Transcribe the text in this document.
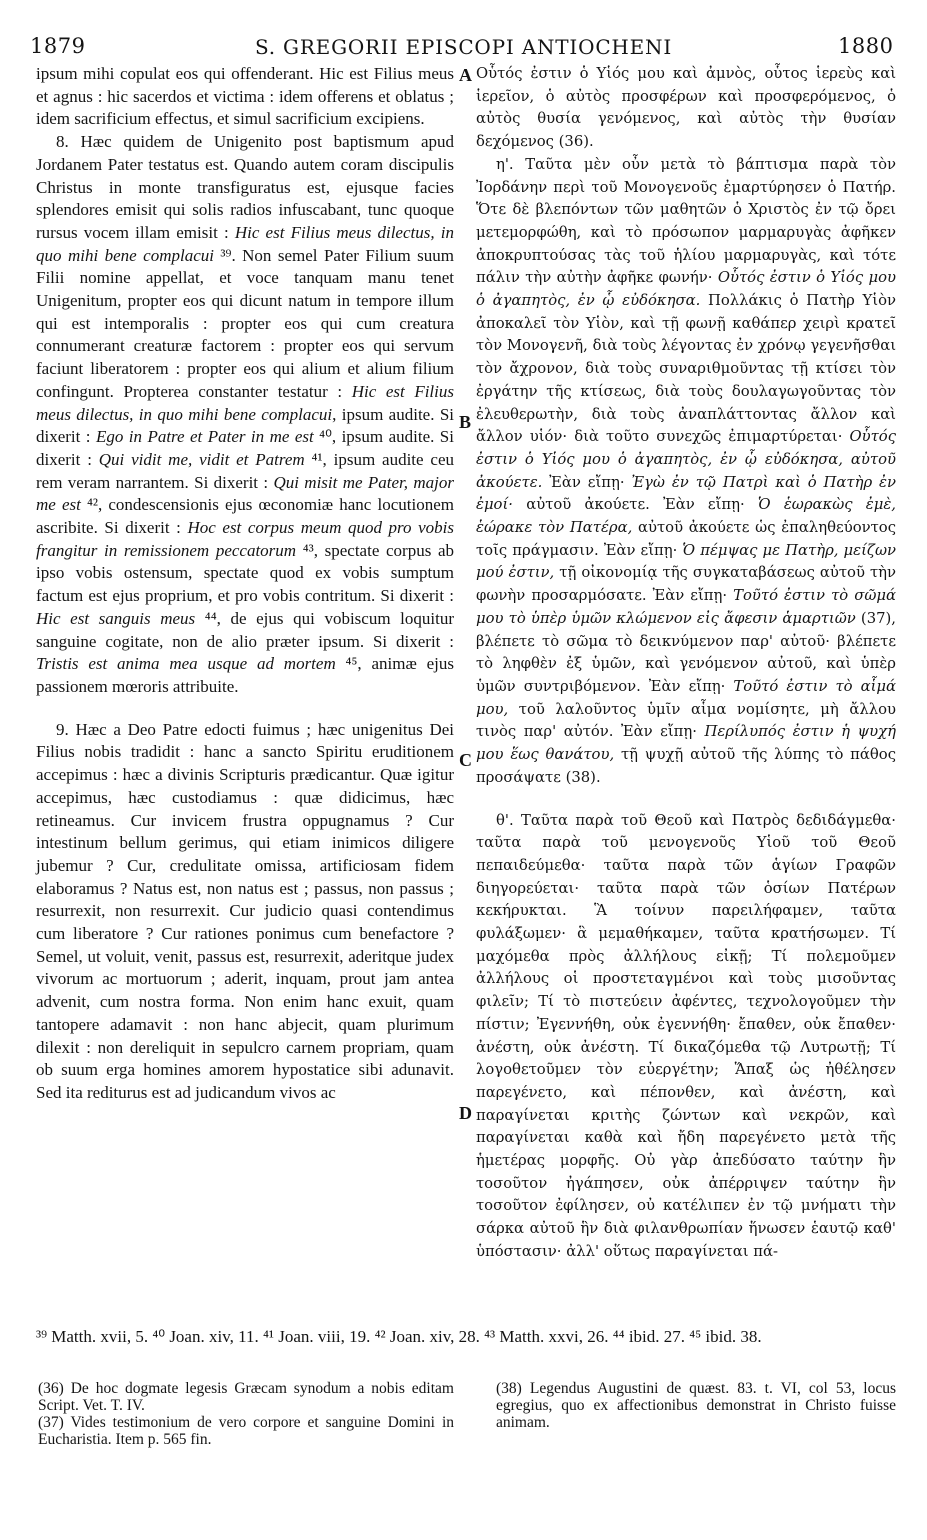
1879	S. GREGORII EPISCOPI ANTIOCHENI	1880
A
B
C
D

ipsum mihi copulat eos qui offenderant. Hic est Filius meus et agnus : hic sacerdos et victima : idem offerens et oblatus ; idem sacrificium effectus, et simul sacrificium excipiens.

8. Hæc quidem de Unigenito post baptismum apud Jordanem Pater testatus est. Quando autem coram discipulis Christus in monte transfiguratus est, ejusque facies splendores emisit qui solis radios infuscabant, tunc quoque rursus vocem illam emisit : Hic est Filius meus dilectus, in quo mihi bene complacui ³⁹. Non semel Pater Filium suum Filii nomine appellat, et voce tanquam manu tenet Unigenitum, propter eos qui dicunt natum in tempore illum qui est intemporalis : propter eos qui cum creatura connumerant creaturæ factorem : propter eos qui servum faciunt liberatorem : propter eos qui alium et alium filium confingunt. Propterea constanter testatur : Hic est Filius meus dilectus, in quo mihi bene complacui, ipsum audite. Si dixerit : Ego in Patre et Pater in me est ⁴⁰, ipsum audite. Si dixerit : Qui vidit me, vidit et Patrem ⁴¹, ipsum audite ceu rem veram narrantem. Si dixerit : Qui misit me Pater, major me est ⁴², condescensionis ejus œconomiæ hanc locutionem ascribite. Si dixerit : Hoc est corpus meum quod pro vobis frangitur in remissionem peccatorum ⁴³, spectate corpus ab ipso vobis ostensum, spectate quod ex vobis sumptum factum est ejus proprium, et pro vobis contritum. Si dixerit : Hic est sanguis meus ⁴⁴, de ejus qui vobiscum loquitur sanguine cogitate, non de alio præter ipsum. Si dixerit : Tristis est anima mea usque ad mortem ⁴⁵, animæ ejus passionem mœroris attribuite.

9. Hæc a Deo Patre edocti fuimus ; hæc unigenitus Dei Filius nobis tradidit : hanc a sancto Spiritu eruditionem accepimus : hæc a divinis Scripturis prædicantur. Quæ igitur accepimus, hæc custodiamus : quæ didicimus, hæc retineamus. Cur invicem frustra oppugnamus ? Cur intestinum bellum gerimus, qui etiam inimicos diligere jubemur ? Cur, credulitate omissa, artificiosam fidem elaboramus ? Natus est, non natus est ; passus, non passus ; resurrexit, non resurrexit. Cur judicio quasi contendimus cum liberatore ? Cur rationes ponimus cum benefactore ? Semel, ut voluit, venit, passus est, resurrexit, aderitque judex vivorum ac mortuorum ; aderit, inquam, prout jam antea advenit, cum nostra forma. Non enim hanc exuit, quam tantopere adamavit : non hanc abjecit, quam plurimum dilexit : non dereliquit in sepulcro carnem propriam, quam ob suum erga homines amorem hypostatice sibi adunavit. Sed ita rediturus est ad judicandum vivos ac

Οὗτός ἐστιν ὁ Υἱός μου καὶ ἀμνὸς, οὗτος ἱερεὺς καὶ ἱερεῖον, ὁ αὐτὸς προσφέρων καὶ προσφερόμενος, ὁ αὐτὸς θυσία γενόμενος, καὶ αὐτὸς τὴν θυσίαν δεχόμενος (36).

η'. Ταῦτα μὲν οὖν μετὰ τὸ βάπτισμα παρὰ τὸν Ἰορδάνην περὶ τοῦ Μονογενοῦς ἐμαρτύρησεν ὁ Πατήρ. Ὅτε δὲ βλεπόντων τῶν μαθητῶν ὁ Χριστὸς ἐν τῷ ὄρει μετεμορφώθη, καὶ τὸ πρόσωπον μαρμαρυγὰς ἀφῆκεν ἀποκρυπτούσας τὰς τοῦ ἡλίου μαρμαρυγὰς, καὶ τότε πάλιν τὴν αὐτὴν ἀφῆκε φωνήν· Οὗτός ἐστιν ὁ Υἱός μου ὁ ἀγαπητὸς, ἐν ᾧ εὐδόκησα. Πολλάκις ὁ Πατὴρ Υἱὸν ἀποκαλεῖ τὸν Υἱὸν, καὶ τῇ φωνῇ καθάπερ χειρὶ κρατεῖ τὸν Μονογενῆ, διὰ τοὺς λέγοντας ἐν χρόνῳ γεγενῆσθαι τὸν ἄχρονον, διὰ τοὺς συναριθμοῦντας τῇ κτίσει τὸν ἐργάτην τῆς κτίσεως, διὰ τοὺς δουλαγωγοῦντας τὸν ἐλευθερωτὴν, διὰ τοὺς ἀναπλάττοντας ἄλλον καὶ ἄλλον υἱόν· διὰ τοῦτο συνεχῶς ἐπιμαρτύρεται· Οὗτός ἐστιν ὁ Υἱός μου ὁ ἀγαπητὸς, ἐν ᾧ εὐδόκησα, αὐτοῦ ἀκούετε. Ἐὰν εἴπῃ· Ἐγὼ ἐν τῷ Πατρὶ καὶ ὁ Πατὴρ ἐν ἐμοί· αὐτοῦ ἀκούετε. Ἐὰν εἴπῃ· Ὁ ἑωρακὼς ἐμὲ, ἑώρακε τὸν Πατέρα, αὐτοῦ ἀκούετε ὡς ἐπαληθεύοντος τοῖς πράγμασιν. Ἐὰν εἴπῃ· Ὁ πέμψας με Πατὴρ, μείζων μού ἐστιν, τῇ οἰκονομίᾳ τῆς συγκαταβάσεως αὐτοῦ τὴν φωνὴν προσαρμόσατε. Ἐὰν εἴπῃ· Τοῦτό ἐστιν τὸ σῶμά μου τὸ ὑπὲρ ὑμῶν κλώμενον εἰς ἄφεσιν ἁμαρτιῶν (37), βλέπετε τὸ σῶμα τὸ δεικνύμενον παρ' αὐτοῦ· βλέπετε τὸ ληφθὲν ἐξ ὑμῶν, καὶ γενόμενον αὐτοῦ, καὶ ὑπὲρ ὑμῶν συντριβόμενον. Ἐὰν εἴπῃ· Τοῦτό ἐστιν τὸ αἷμά μου, τοῦ λαλοῦντος ὑμῖν αἷμα νομίσητε, μὴ ἄλλου τινὸς παρ' αὐτόν. Ἐὰν εἴπῃ· Περίλυπός ἐστιν ἡ ψυχή μου ἕως θανάτου, τῇ ψυχῇ αὐτοῦ τῆς λύπης τὸ πάθος προσάψατε (38).

θ'. Ταῦτα παρὰ τοῦ Θεοῦ καὶ Πατρὸς δεδιδάγμεθα· ταῦτα παρὰ τοῦ μενογενοῦς Υἱοῦ τοῦ Θεοῦ πεπαιδεύμεθα· ταῦτα παρὰ τῶν ἁγίων Γραφῶν διηγορεύεται· ταῦτα παρὰ τῶν ὁσίων Πατέρων κεκήρυκται. Ἃ τοίνυν παρειλήφαμεν, ταῦτα φυλάξωμεν· ἃ μεμαθήκαμεν, ταῦτα κρατήσωμεν. Τί μαχόμεθα πρὸς ἀλλήλους εἰκῇ; Τί πολεμοῦμεν ἀλλήλους οἱ προστεταγμένοι καὶ τοὺς μισοῦντας φιλεῖν; Τί τὸ πιστεύειν ἀφέντες, τεχνολογοῦμεν τὴν πίστιν; Ἐγεννήθη, οὐκ ἐγεννήθη· ἔπαθεν, οὐκ ἔπαθεν· ἀνέστη, οὐκ ἀνέστη. Τί δικαζόμεθα τῷ Λυτρωτῇ; Τί λογοθετοῦμεν τὸν εὐεργέτην; Ἅπαξ ὡς ἠθέλησεν παρεγένετο, καὶ πέπονθεν, καὶ ἀνέστη, καὶ παραγίνεται κριτὴς ζώντων καὶ νεκρῶν, καὶ παραγίνεται καθὰ καὶ ἤδη παρεγένετο μετὰ τῆς ἡμετέρας μορφῆς. Οὐ γὰρ ἀπεδύσατο ταύτην ἣν τοσοῦτον ἠγάπησεν, οὐκ ἀπέρριψεν ταύτην ἣν τοσοῦτον ἐφίλησεν, οὐ κατέλιπεν ἐν τῷ μνήματι τὴν σάρκα αὐτοῦ ἣν διὰ φιλανθρωπίαν ἥνωσεν ἑαυτῷ καθ' ὑπόστασιν· ἀλλ' οὕτως παραγίνεται πά-

³⁹ Matth. xvii, 5. ⁴⁰ Joan. xiv, 11. ⁴¹ Joan. viii, 19. ⁴² Joan. xiv, 28. ⁴³ Matth. xxvi, 26. ⁴⁴ ibid. 27. ⁴⁵ ibid. 38.

(36) De hoc dogmate legesis Græcam synodum a nobis editam Script. Vet. T. IV.

(37) Vides testimonium de vero corpore et sanguine Domini in Eucharistia. Item p. 565 fin.

(38) Legendus Augustini de quæst. 83. t. VI, col 53, locus egregius, quo ex affectionibus demonstrat in Christo fuisse animam.
